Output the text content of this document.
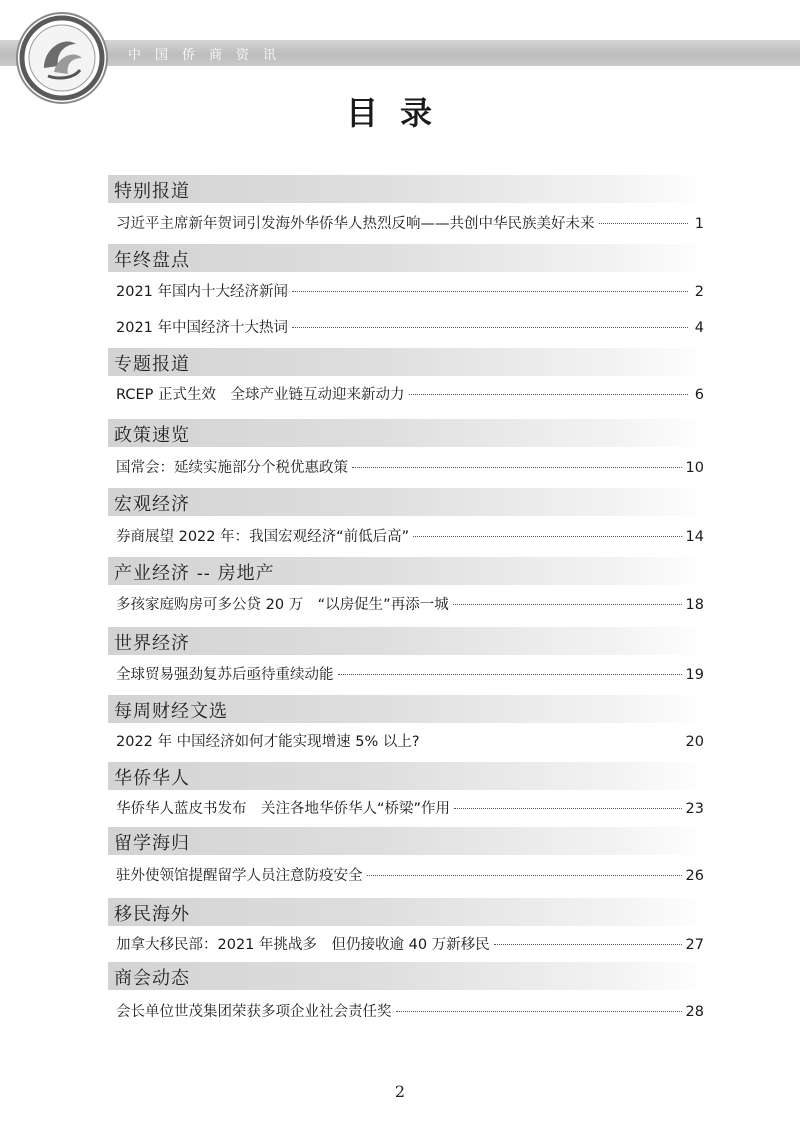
中国侨商资讯
目录
特别报道
习近平主席新年贺词引发海外华侨华人热烈反响——共创中华民族美好未来	1
年终盘点
2021 年国内十大经济新闻	2
2021 年中国经济十大热词	4
专题报道
RCEP 正式生效　全球产业链互动迎来新动力	6
政策速览
国常会：延续实施部分个税优惠政策	10
宏观经济
券商展望 2022 年：我国宏观经济“前低后高”	14
产业经济 -- 房地产
多孩家庭购房可多公贷 20 万　“以房促生”再添一城	18
世界经济
全球贸易强劲复苏后亟待重续动能	19
每周财经文选
2022 年 中国经济如何才能实现增速 5% 以上?	20
华侨华人
华侨华人蓝皮书发布　关注各地华侨华人“桥梁”作用	23
留学海归
驻外使领馆提醒留学人员注意防疫安全	26
移民海外
加拿大移民部：2021 年挑战多　但仍接收逾 40 万新移民	27
商会动态
会长单位世茂集团荣获多项企业社会责任奖	28
2
